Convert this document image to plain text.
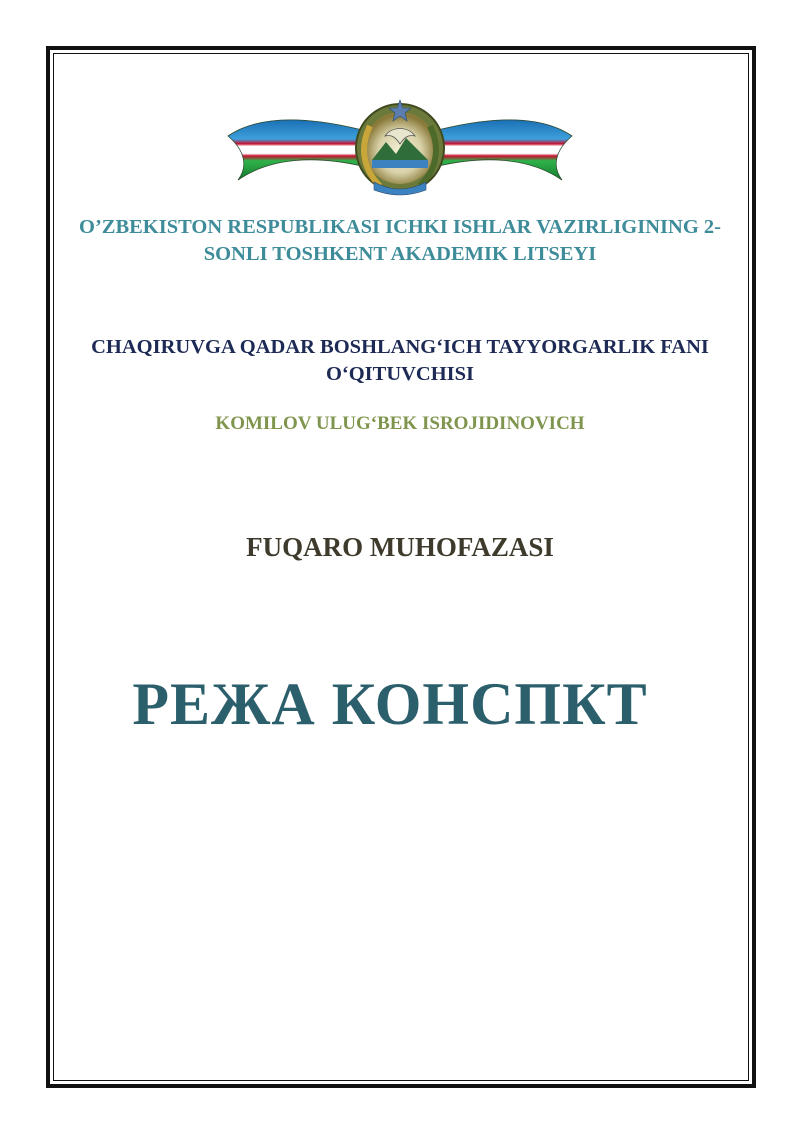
O’ZBEKISTON RESPUBLIKASI ICHKI ISHLAR VAZIRLIGINING 2-SONLI TOSHKENT AKADEMIK LITSEYI

CHAQIRUVGA QADAR BOSHLANG‘ICH TAYYORGARLIK FANI O‘QITUVCHISI

KOMILOV ULUG‘BEK ISROJIDINOVICH

FUQARO MUHOFAZASI

РЕЖА КОНСПКТ
